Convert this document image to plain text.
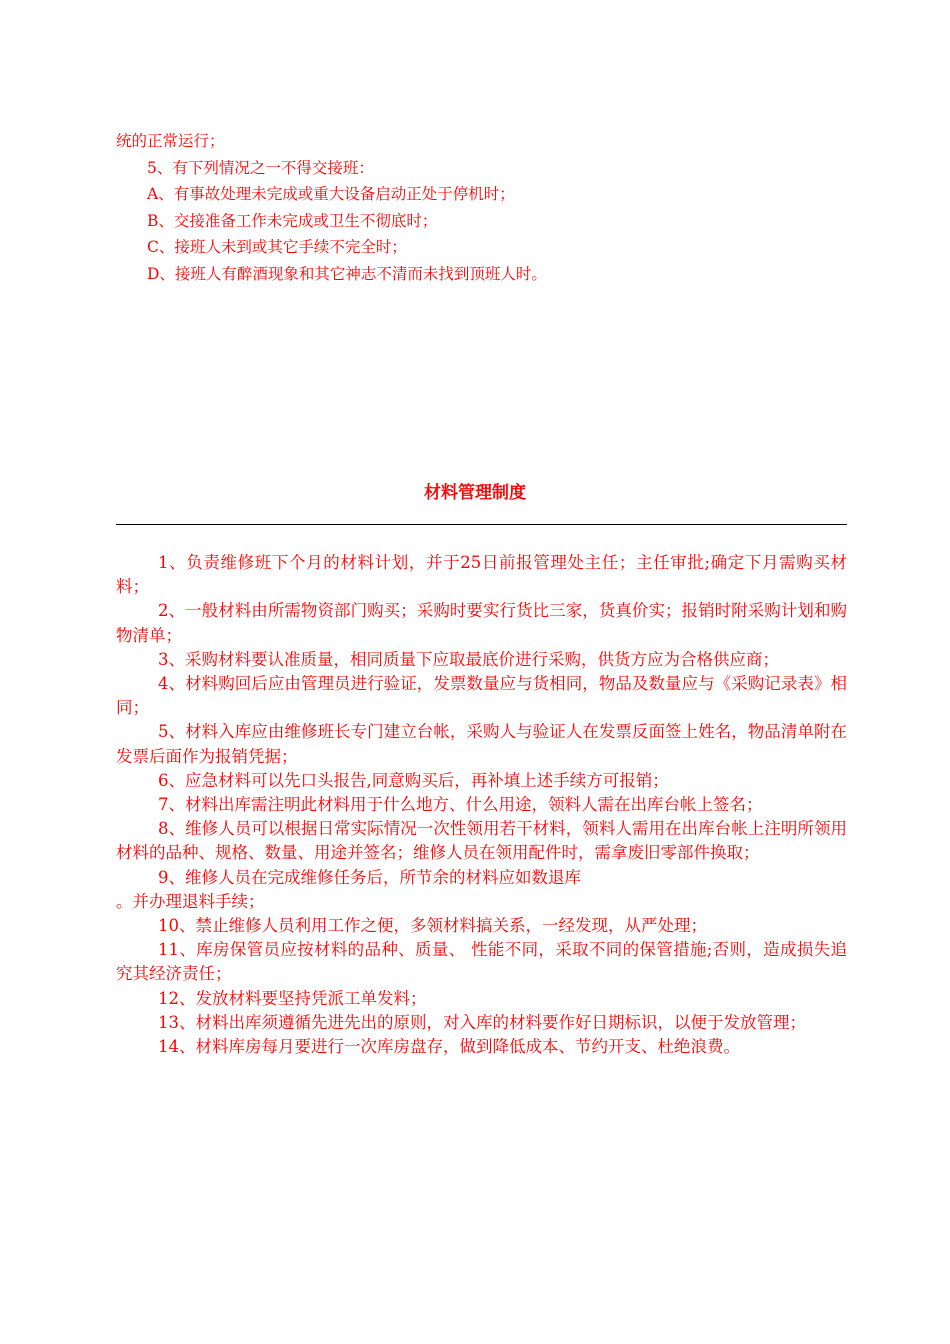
统的正常运行；

5、有下列情况之一不得交接班：

A、有事故处理未完成或重大设备启动正处于停机时；

B、交接准备工作未完成或卫生不彻底时；

C、接班人未到或其它手续不完全时；

D、接班人有醉酒现象和其它神志不清而未找到顶班人时。

材料管理制度

1、负责维修班下个月的材料计划，并于25日前报管理处主任；主任审批;确定下月需购买材料；

2、一般材料由所需物资部门购买；采购时要实行货比三家，货真价实；报销时附采购计划和购物清单；

3、采购材料要认准质量，相同质量下应取最底价进行采购，供货方应为合格供应商；

4、材料购回后应由管理员进行验证，发票数量应与货相同，物品及数量应与《采购记录表》相同；

5、材料入库应由维修班长专门建立台帐，采购人与验证人在发票反面签上姓名，物品清单附在发票后面作为报销凭据；

6、应急材料可以先口头报告,同意购买后，再补填上述手续方可报销；

7、材料出库需注明此材料用于什么地方、什么用途，领料人需在出库台帐上签名；

8、维修人员可以根据日常实际情况一次性领用若干材料，领料人需用在出库台帐上注明所领用材料的品种、规格、数量、用途并签名；维修人员在领用配件时，需拿废旧零部件换取；

9、维修人员在完成维修任务后，所节余的材料应如数退库

。并办理退料手续；

10、禁止维修人员利用工作之便，多领材料搞关系，一经发现，从严处理；

11、库房保管员应按材料的品种、质量、 性能不同，采取不同的保管措施;否则，造成损失追究其经济责任；

12、发放材料要坚持凭派工单发料；

13、材料出库须遵循先进先出的原则，对入库的材料要作好日期标识，以便于发放管理；

14、材料库房每月要进行一次库房盘存，做到降低成本、节约开支、杜绝浪费。
